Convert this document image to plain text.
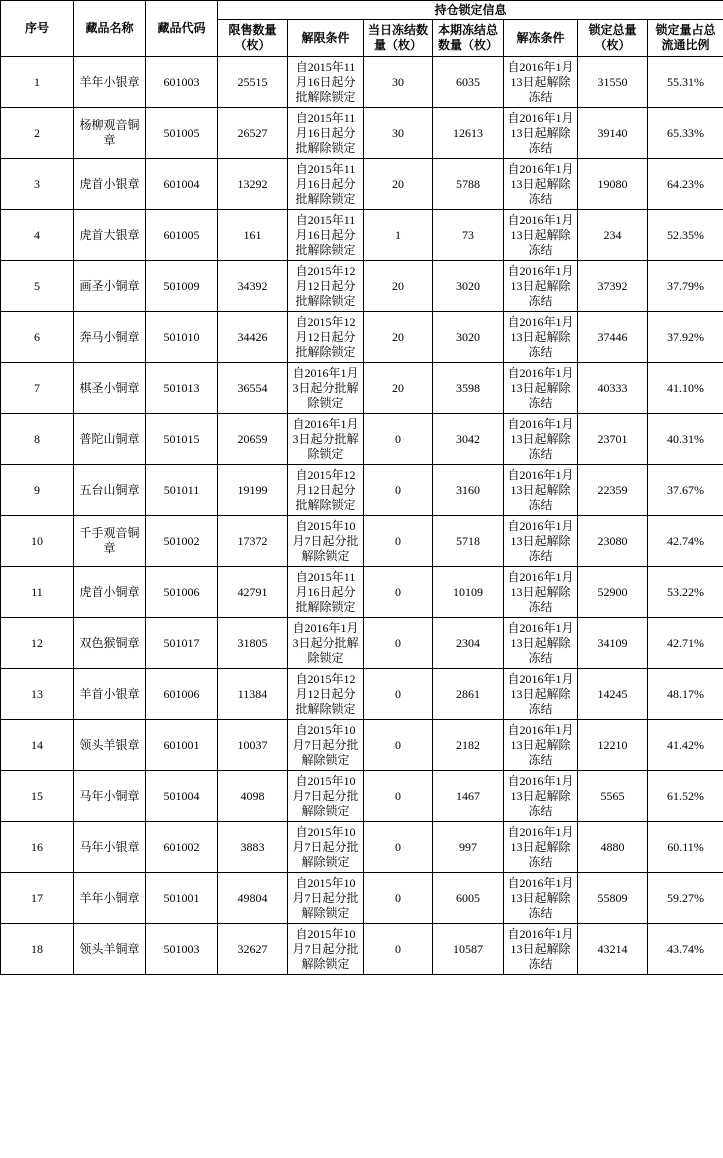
序号	藏品名称	藏品代码	持仓锁定信息						
			限售数量（枚）	解限条件	当日冻结数量（枚）	本期冻结总数量（枚）	解冻条件	锁定总量（枚）	锁定量占总流通比例
1	羊年小银章	601003	25515	自2015年11月16日起分批解除锁定	30	6035	自2016年1月13日起解除冻结	31550	55.31%
2	杨柳观音铜章	501005	26527	自2015年11月16日起分批解除锁定	30	12613	自2016年1月13日起解除冻结	39140	65.33%
3	虎首小银章	601004	13292	自2015年11月16日起分批解除锁定	20	5788	自2016年1月13日起解除冻结	19080	64.23%
4	虎首大银章	601005	161	自2015年11月16日起分批解除锁定	1	73	自2016年1月13日起解除冻结	234	52.35%
5	画圣小铜章	501009	34392	自2015年12月12日起分批解除锁定	20	3020	自2016年1月13日起解除冻结	37392	37.79%
6	奔马小铜章	501010	34426	自2015年12月12日起分批解除锁定	20	3020	自2016年1月13日起解除冻结	37446	37.92%
7	棋圣小铜章	501013	36554	自2016年1月3日起分批解除锁定	20	3598	自2016年1月13日起解除冻结	40333	41.10%
8	普陀山铜章	501015	20659	自2016年1月3日起分批解除锁定	0	3042	自2016年1月13日起解除冻结	23701	40.31%
9	五台山铜章	501011	19199	自2015年12月12日起分批解除锁定	0	3160	自2016年1月13日起解除冻结	22359	37.67%
10	千手观音铜章	501002	17372	自2015年10月7日起分批解除锁定	0	5718	自2016年1月13日起解除冻结	23080	42.74%
11	虎首小铜章	501006	42791	自2015年11月16日起分批解除锁定	0	10109	自2016年1月13日起解除冻结	52900	53.22%
12	双色猴铜章	501017	31805	自2016年1月3日起分批解除锁定	0	2304	自2016年1月13日起解除冻结	34109	42.71%
13	羊首小银章	601006	11384	自2015年12月12日起分批解除锁定	0	2861	自2016年1月13日起解除冻结	14245	48.17%
14	领头羊银章	601001	10037	自2015年10月7日起分批解除锁定	0	2182	自2016年1月13日起解除冻结	12210	41.42%
15	马年小铜章	501004	4098	自2015年10月7日起分批解除锁定	0	1467	自2016年1月13日起解除冻结	5565	61.52%
16	马年小银章	601002	3883	自2015年10月7日起分批解除锁定	0	997	自2016年1月13日起解除冻结	4880	60.11%
17	羊年小铜章	501001	49804	自2015年10月7日起分批解除锁定	0	6005	自2016年1月13日起解除冻结	55809	59.27%
18	领头羊铜章	501003	32627	自2015年10月7日起分批解除锁定	0	10587	自2016年1月13日起解除冻结	43214	43.74%
